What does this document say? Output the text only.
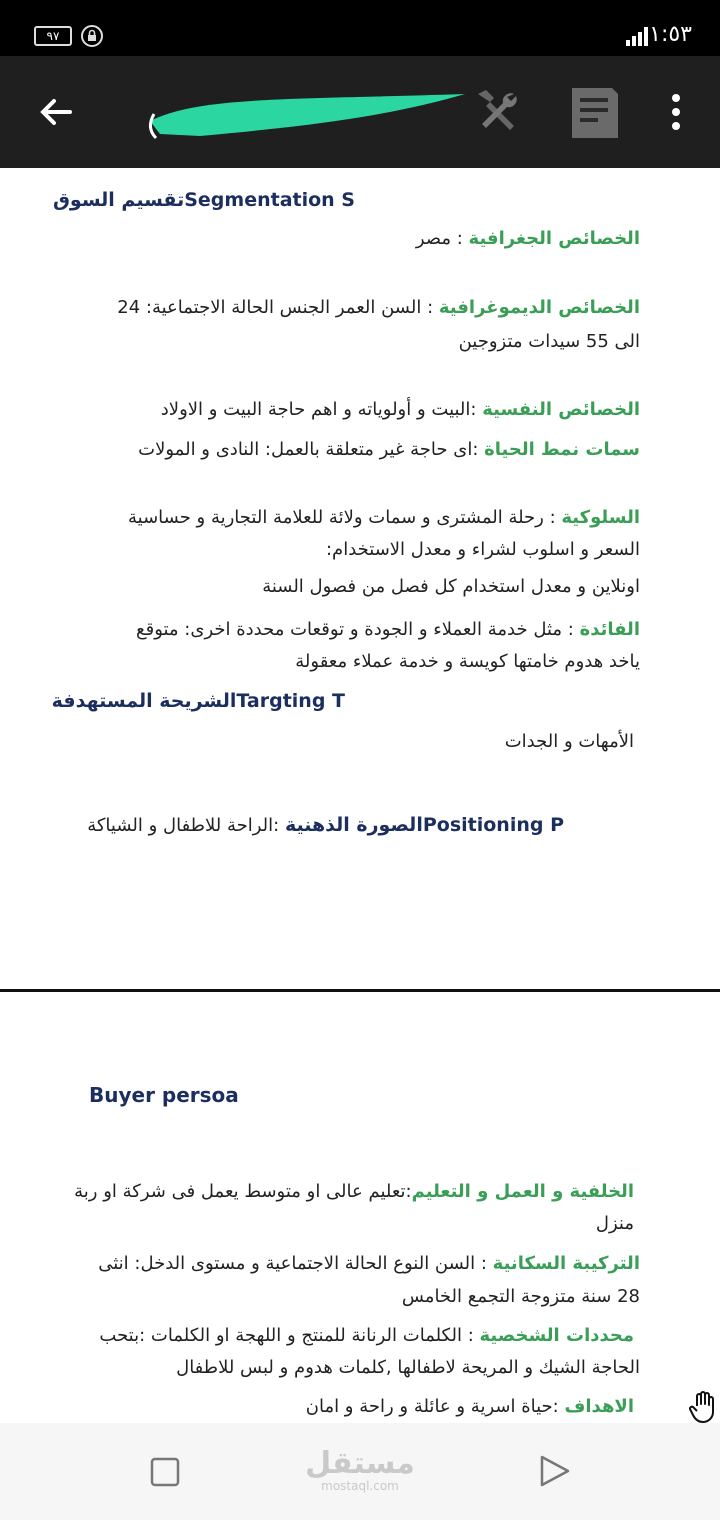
٩٧	١:٥٣
Segmentation Sتقسيم السوق
الخصائص الجغرافية : مصر
الخصائص الديموغرافية : السن العمر الجنس الحالة الاجتماعية: 24
الى 55 سيدات متزوجين
الخصائص النفسية :البيت و أولوياته و اهم حاجة البيت و الاولاد
سمات نمط الحياة :اى حاجة غير متعلقة بالعمل: النادى و المولات
السلوكية : رحلة المشترى و سمات ولائة للعلامة التجارية و حساسية
السعر و اسلوب لشراء و معدل الاستخدام:
اونلاين و معدل استخدام كل فصل من فصول السنة
الفائدة : مثل خدمة العملاء و الجودة و توقعات محددة اخرى: متوقع
ياخد هدوم خامتها كويسة و خدمة عملاء معقولة
Targting Tالشريحة المستهدفة
الأمهات و الجدات
Positioning Pالصورة الذهنية :الراحة للاطفال و الشياكة
Buyer persoa
الخلفية و العمل و التعليم:تعليم عالى او متوسط يعمل فى شركة او ربة
منزل
التركيبة السكانية : السن النوع الحالة الاجتماعية و مستوى الدخل: انثى
28 سنة متزوجة التجمع الخامس
محددات الشخصية : الكلمات الرنانة للمنتج و اللهجة او الكلمات :بتحب
الحاجة الشيك و المريحة لاطفالها ,كلمات هدوم و لبس للاطفال
الاهداف :حياة اسرية و عائلة و راحة و امان
مستقل
mostaql.com
